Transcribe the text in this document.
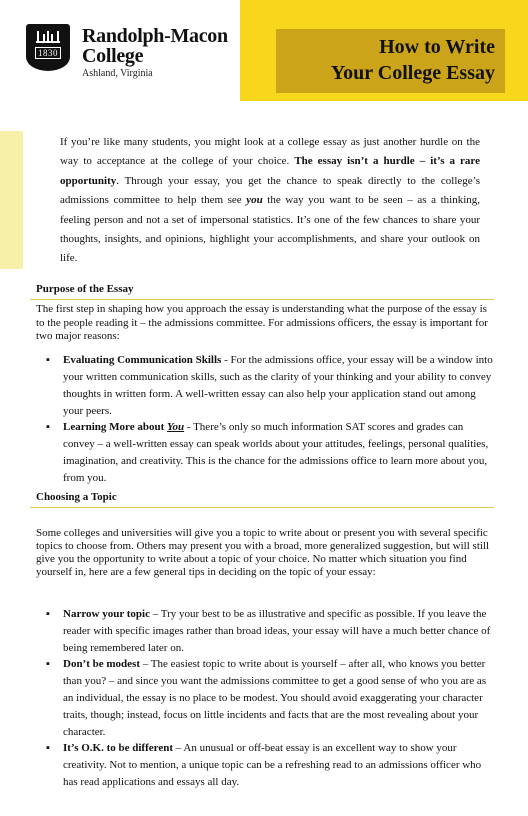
How to Write
Your College Essay
1830
Randolph-Macon
College
Ashland, Virginia
If you’re like many students, you might look at a college essay as just another hurdle on the way to acceptance at the college of your choice. The essay isn’t a hurdle – it’s a rare opportunity. Through your essay, you get the chance to speak directly to the college’s admissions committee to help them see you the way you want to be seen – as a thinking, feeling person and not a set of impersonal statistics. It’s one of the few chances to share your thoughts, insights, and opinions, highlight your accomplishments, and share your outlook on life.
Purpose of the Essay
The first step in shaping how you approach the essay is understanding what the purpose of the essay is to the people reading it – the admissions committee. For admissions officers, the essay is important for two major reasons:
▪ Evaluating Communication Skills - For the admissions office, your essay will be a window into your written communication skills, such as the clarity of your thinking and your ability to convey thoughts in written form. A well-written essay can also help your application stand out among your peers.
▪ Learning More about You - There’s only so much information SAT scores and grades can convey – a well-written essay can speak worlds about your attitudes, feelings, personal qualities, imagination, and creativity. This is the chance for the admissions office to learn more about you, from you.
Choosing a Topic
Some colleges and universities will give you a topic to write about or present you with several specific topics to choose from. Others may present you with a broad, more generalized suggestion, but will still give you the opportunity to write about a topic of your choice. No matter which situation you find yourself in, here are a few general tips in deciding on the topic of your essay:
▪ Narrow your topic – Try your best to be as illustrative and specific as possible. If you leave the reader with specific images rather than broad ideas, your essay will have a much better chance of being remembered later on.
▪ Don’t be modest – The easiest topic to write about is yourself – after all, who knows you better than you? – and since you want the admissions committee to get a good sense of who you are as an individual, the essay is no place to be modest. You should avoid exaggerating your character traits, though; instead, focus on little incidents and facts that are the most revealing about your character.
▪ It’s O.K. to be different – An unusual or off-beat essay is an excellent way to show your creativity. Not to mention, a unique topic can be a refreshing read to an admissions officer who has read applications and essays all day.
